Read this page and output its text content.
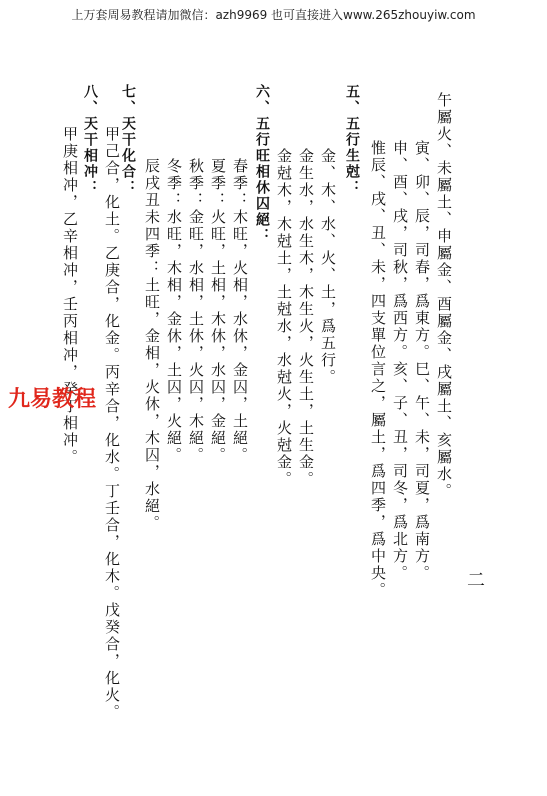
上万套周易教程请加微信：azh9969 也可直接进入www.265zhouyiw.com
午屬火、未屬土、申屬金、酉屬金、戌屬土、亥屬水。
寅、卯、辰，司春，爲東方。巳、午、未，司夏，爲南方。
申、酉、戌，司秋，爲西方。亥、子、丑，司冬，爲北方。
惟辰、戌、丑、未，四支單位言之，屬土，爲四季，爲中央。
五、五行生尅：
金、木、水、火、土，爲五行。
金生水，水生木，木生火，火生土，土生金。
金尅木，木尅土，土尅水，水尅火，火尅金。
六、五行旺相休囚絕：
春季：木旺，火相，水休，金囚，土絕。
夏季：火旺，土相，木休，水囚，金絕。
秋季：金旺，水相，土休，火囚，木絕。
冬季：水旺，木相，金休，土囚，火絕。
辰戌丑未四季：土旺，金相，火休，木囚，水絕。
七、天干化合：
甲己合，化土。乙庚合，化金。丙辛合，化水。丁壬合，化木。戊癸合，化火。
八、天干相冲：
甲庚相冲，乙辛相冲，壬丙相冲，癸丁相冲。
九易教程
二
